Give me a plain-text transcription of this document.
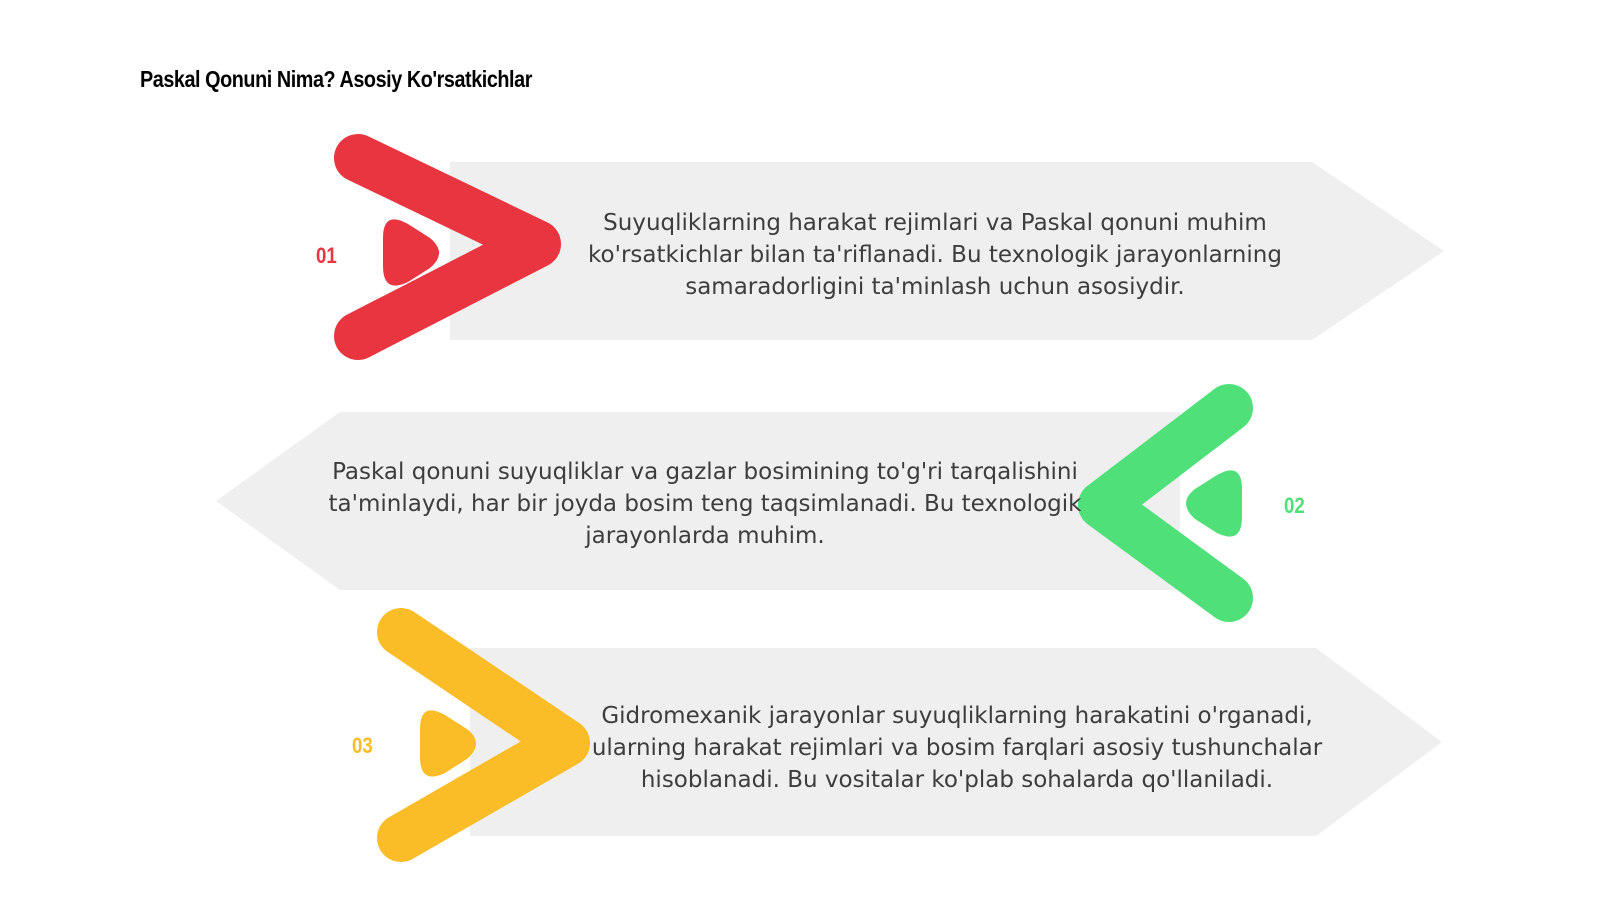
Paskal Qonuni Nima? Asosiy Ko'rsatkichlar
01

Suyuqliklarning harakat rejimlari va Paskal qonuni muhim ko'rsatkichlar bilan ta'riflanadi. Bu texnologik jarayonlarning samaradorligini ta'minlash uchun asosiydir.

02

Paskal qonuni suyuqliklar va gazlar bosimining to'g'ri tarqalishini ta'minlaydi, har bir joyda bosim teng taqsimlanadi. Bu texnologik jarayonlarda muhim.

03

Gidromexanik jarayonlar suyuqliklarning harakatini o'rganadi, ularning harakat rejimlari va bosim farqlari asosiy tushunchalar hisoblanadi. Bu vositalar ko'plab sohalarda qo'llaniladi.
